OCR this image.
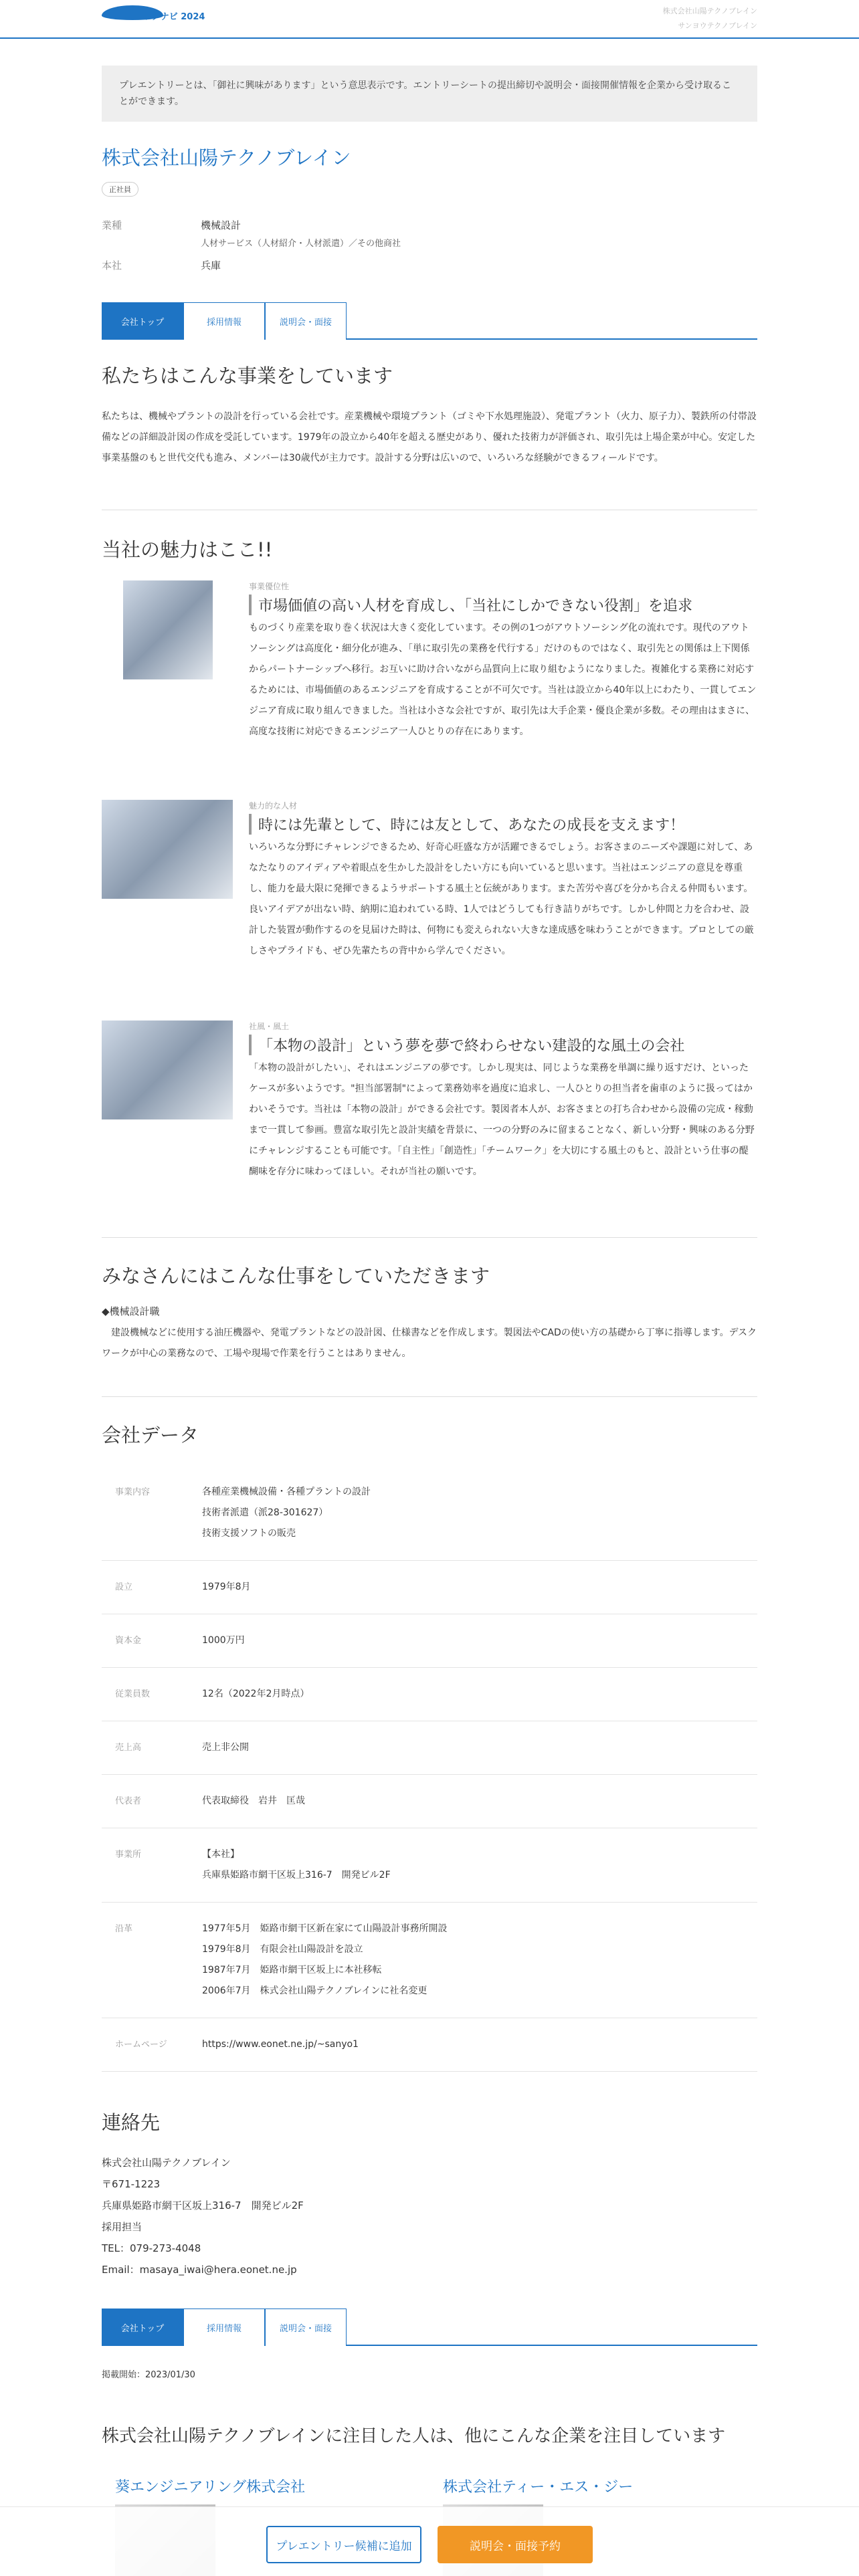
リクナビ 2024
株式会社山陽テクノブレイン
サンヨウテクノブレイン
プレエントリーとは、「御社に興味があります」という意思表示です。エントリーシートの提出締切や説明会・面接開催情報を企業から受け取ることができます。
株式会社山陽テクノブレイン
正社員
業種	機械設計
人材サービス（人材紹介・人材派遣）／その他商社
本社	兵庫
会社トップ	採用情報	説明会・面接
私たちはこんな事業をしています

私たちは、機械やプラントの設計を行っている会社です。産業機械や環境プラント（ゴミや下水処理施設）、発電プラント（火力、原子力）、製鉄所の付帯設備などの詳細設計図の作成を受託しています。1979年の設立から40年を超える歴史があり、優れた技術力が評価され、取引先は上場企業が中心。安定した事業基盤のもと世代交代も進み、メンバーは30歳代が主力です。設計する分野は広いので、いろいろな経験ができるフィールドです。

当社の魅力はここ!!
事業優位性
市場価値の高い人材を育成し、「当社にしかできない役割」を追求
ものづくり産業を取り巻く状況は大きく変化しています。その例の1つがアウトソーシング化の流れです。現代のアウトソーシングは高度化・細分化が進み、「単に取引先の業務を代行する」だけのものではなく、取引先との関係は上下関係からパートナーシップへ移行。お互いに助け合いながら品質向上に取り組むようになりました。複雑化する業務に対応するためには、市場価値のあるエンジニアを育成することが不可欠です。当社は設立から40年以上にわたり、一貫してエンジニア育成に取り組んできました。当社は小さな会社ですが、取引先は大手企業・優良企業が多数。その理由はまさに、高度な技術に対応できるエンジニア一人ひとりの存在にあります。
魅力的な人材
時には先輩として、時には友として、あなたの成長を支えます！
いろいろな分野にチャレンジできるため、好奇心旺盛な方が活躍できるでしょう。お客さまのニーズや課題に対して、あなたなりのアイディアや着眼点を生かした設計をしたい方にも向いていると思います。当社はエンジニアの意見を尊重し、能力を最大限に発揮できるようサポートする風土と伝統があります。また苦労や喜びを分かち合える仲間もいます。良いアイデアが出ない時、納期に追われている時、1人ではどうしても行き詰りがちです。しかし仲間と力を合わせ、設計した装置が動作するのを見届けた時は、何物にも変えられない大きな達成感を味わうことができます。プロとしての厳しさやプライドも、ぜひ先輩たちの背中から学んでください。
社風・風土
「本物の設計」という夢を夢で終わらせない建設的な風土の会社
「本物の設計がしたい」、それはエンジニアの夢です。しかし現実は、同じような業務を単調に繰り返すだけ、といったケースが多いようです。"担当部署制"によって業務効率を過度に追求し、一人ひとりの担当者を歯車のように扱ってはかわいそうです。当社は「本物の設計」ができる会社です。製図者本人が、お客さまとの打ち合わせから設備の完成・稼動まで一貫して参画。豊富な取引先と設計実績を背景に、一つの分野のみに留まることなく、新しい分野・興味のある分野にチャレンジすることも可能です。「自主性」「創造性」「チームワーク」を大切にする風土のもと、設計という仕事の醍醐味を存分に味わってほしい。それが当社の願いです。
みなさんにはこんな仕事をしていただきます
◆機械設計職

建設機械などに使用する油圧機器や、発電プラントなどの設計図、仕様書などを作成します。製図法やCADの使い方の基礎から丁寧に指導します。デスクワークが中心の業務なので、工場や現場で作業を行うことはありません。

会社データ
事業内容	各種産業機械設備・各種プラントの設計
技術者派遣（派28-301627）
技術支援ソフトの販売
設立	1979年8月
資本金	1000万円
従業員数	12名（2022年2月時点）
売上高	売上非公開
代表者	代表取締役　岩井　匡哉
事業所	【本社】
兵庫県姫路市網干区坂上316-7　開発ビル2F
沿革	1977年5月　姫路市網干区新在家にて山陽設計事務所開設
1979年8月　有限会社山陽設計を設立
1987年7月　姫路市網干区坂上に本社移転
2006年7月　株式会社山陽テクノブレインに社名変更
ホームページ	https://www.eonet.ne.jp/~sanyo1
連絡先
株式会社山陽テクノブレイン
〒671-1223
兵庫県姫路市網干区坂上316-7　開発ビル2F
採用担当
TEL：079-273-4048
Email：masaya_iwai@hera.eonet.ne.jp
会社トップ	採用情報	説明会・面接
掲載開始：2023/01/30
株式会社山陽テクノブレインに注目した人は、他にこんな企業を注目しています
葵エンジニアリング株式会社	株式会社ティー・エス・ジー
プレエントリー候補に追加	説明会・面接予約
